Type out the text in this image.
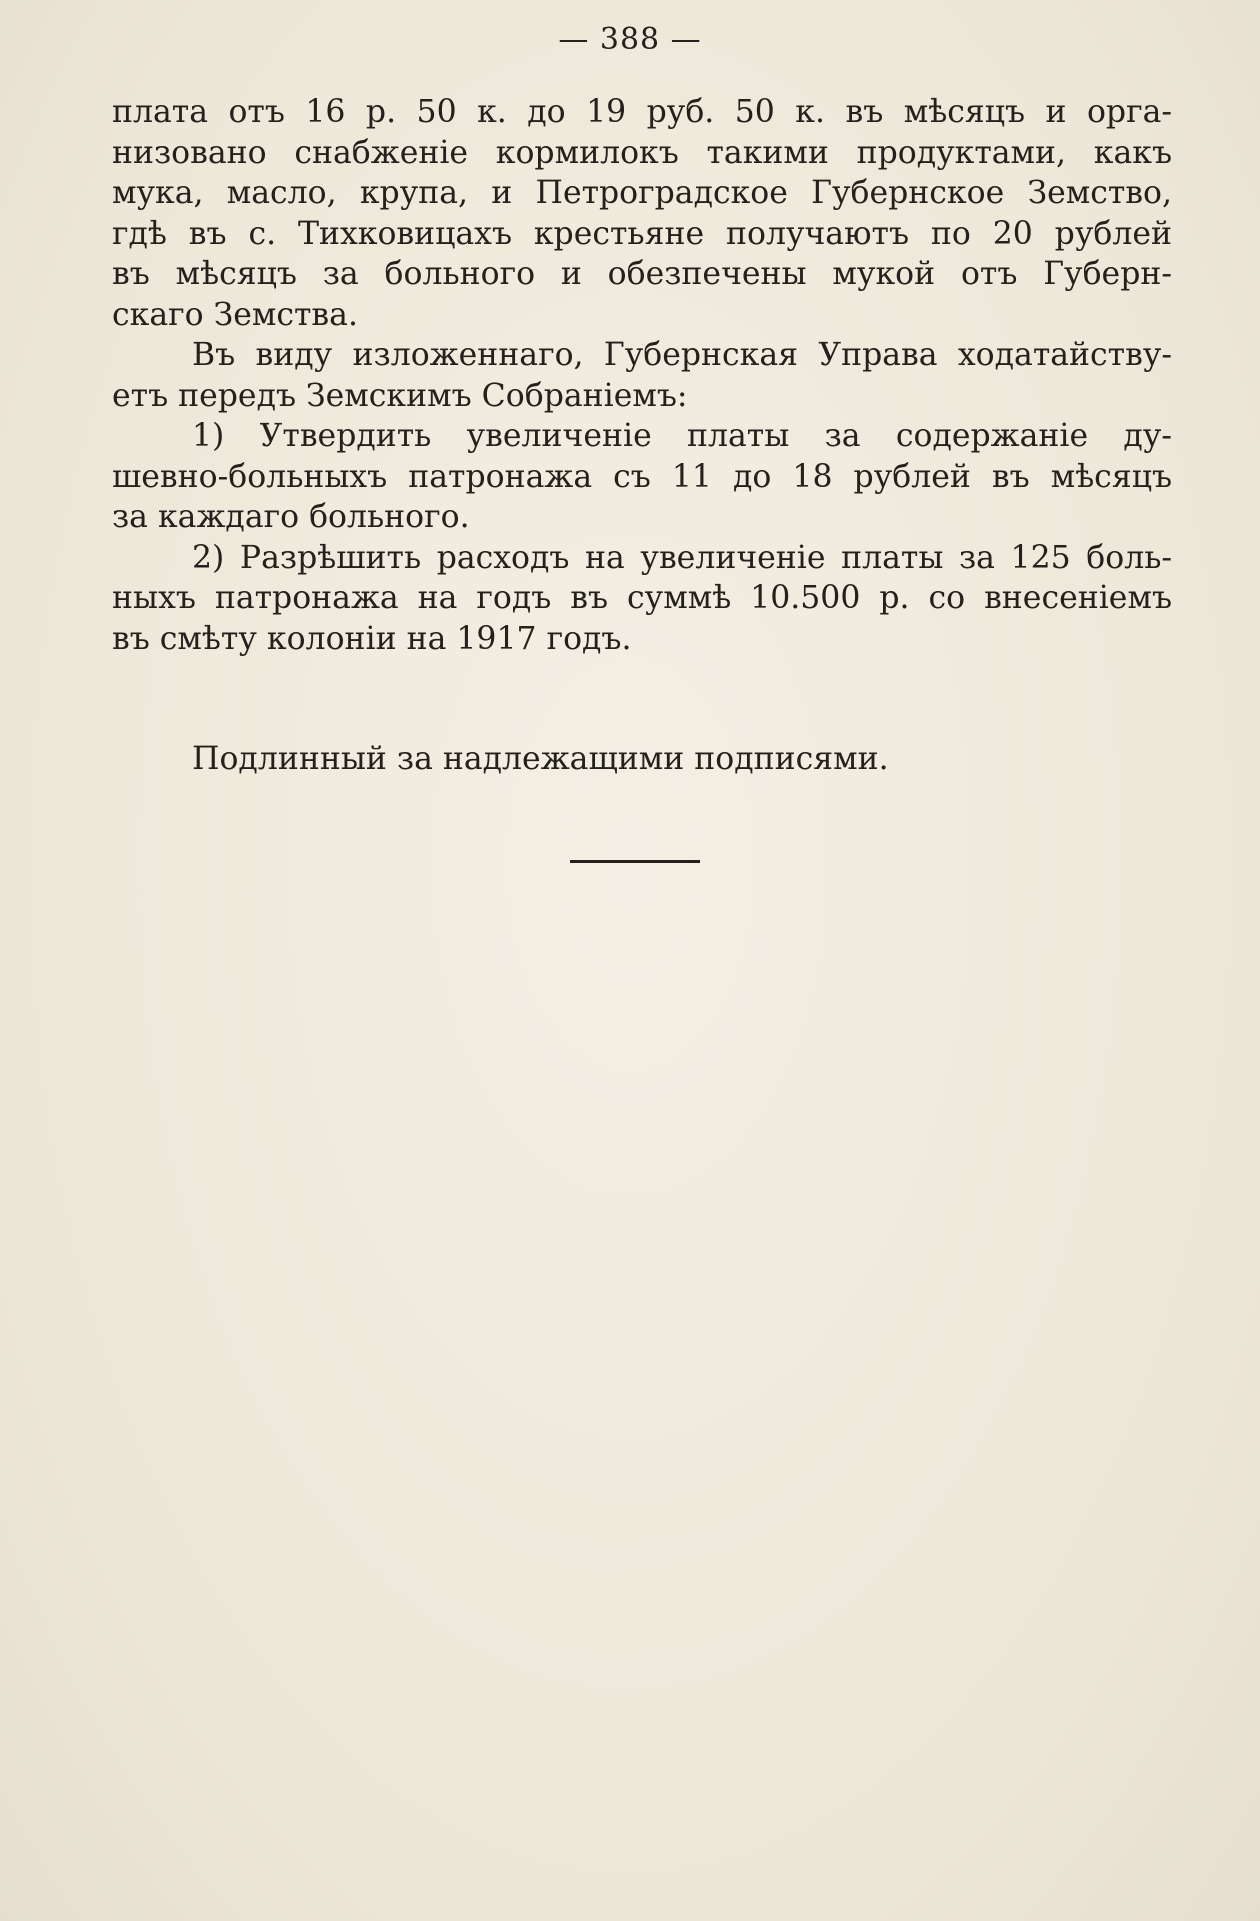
— 388 —
плата отъ 16 р. 50 к. до 19 руб. 50 к. въ мѣсяцъ и орга-
низовано снабженіе кормилокъ такими продуктами, какъ
мука, масло, крупа, и Петроградское Губернское Земство,
гдѣ въ с. Тихковицахъ крестьяне получаютъ по 20 рублей
въ мѣсяцъ за больного и обезпечены мукой отъ Губерн-
скаго Земства.
Въ виду изложеннаго, Губернская Управа ходатайству-
етъ передъ Земскимъ Собраніемъ:
1) Утвердить увеличеніе платы за содержаніе ду-
шевно-больныхъ патронажа съ 11 до 18 рублей въ мѣсяцъ
за каждаго больного.
2) Разрѣшить расходъ на увеличеніе платы за 125 боль-
ныхъ патронажа на годъ въ суммѣ 10.500 р. со внесеніемъ
въ смѣту колоніи на 1917 годъ.
Подлинный за надлежащими подписями.
